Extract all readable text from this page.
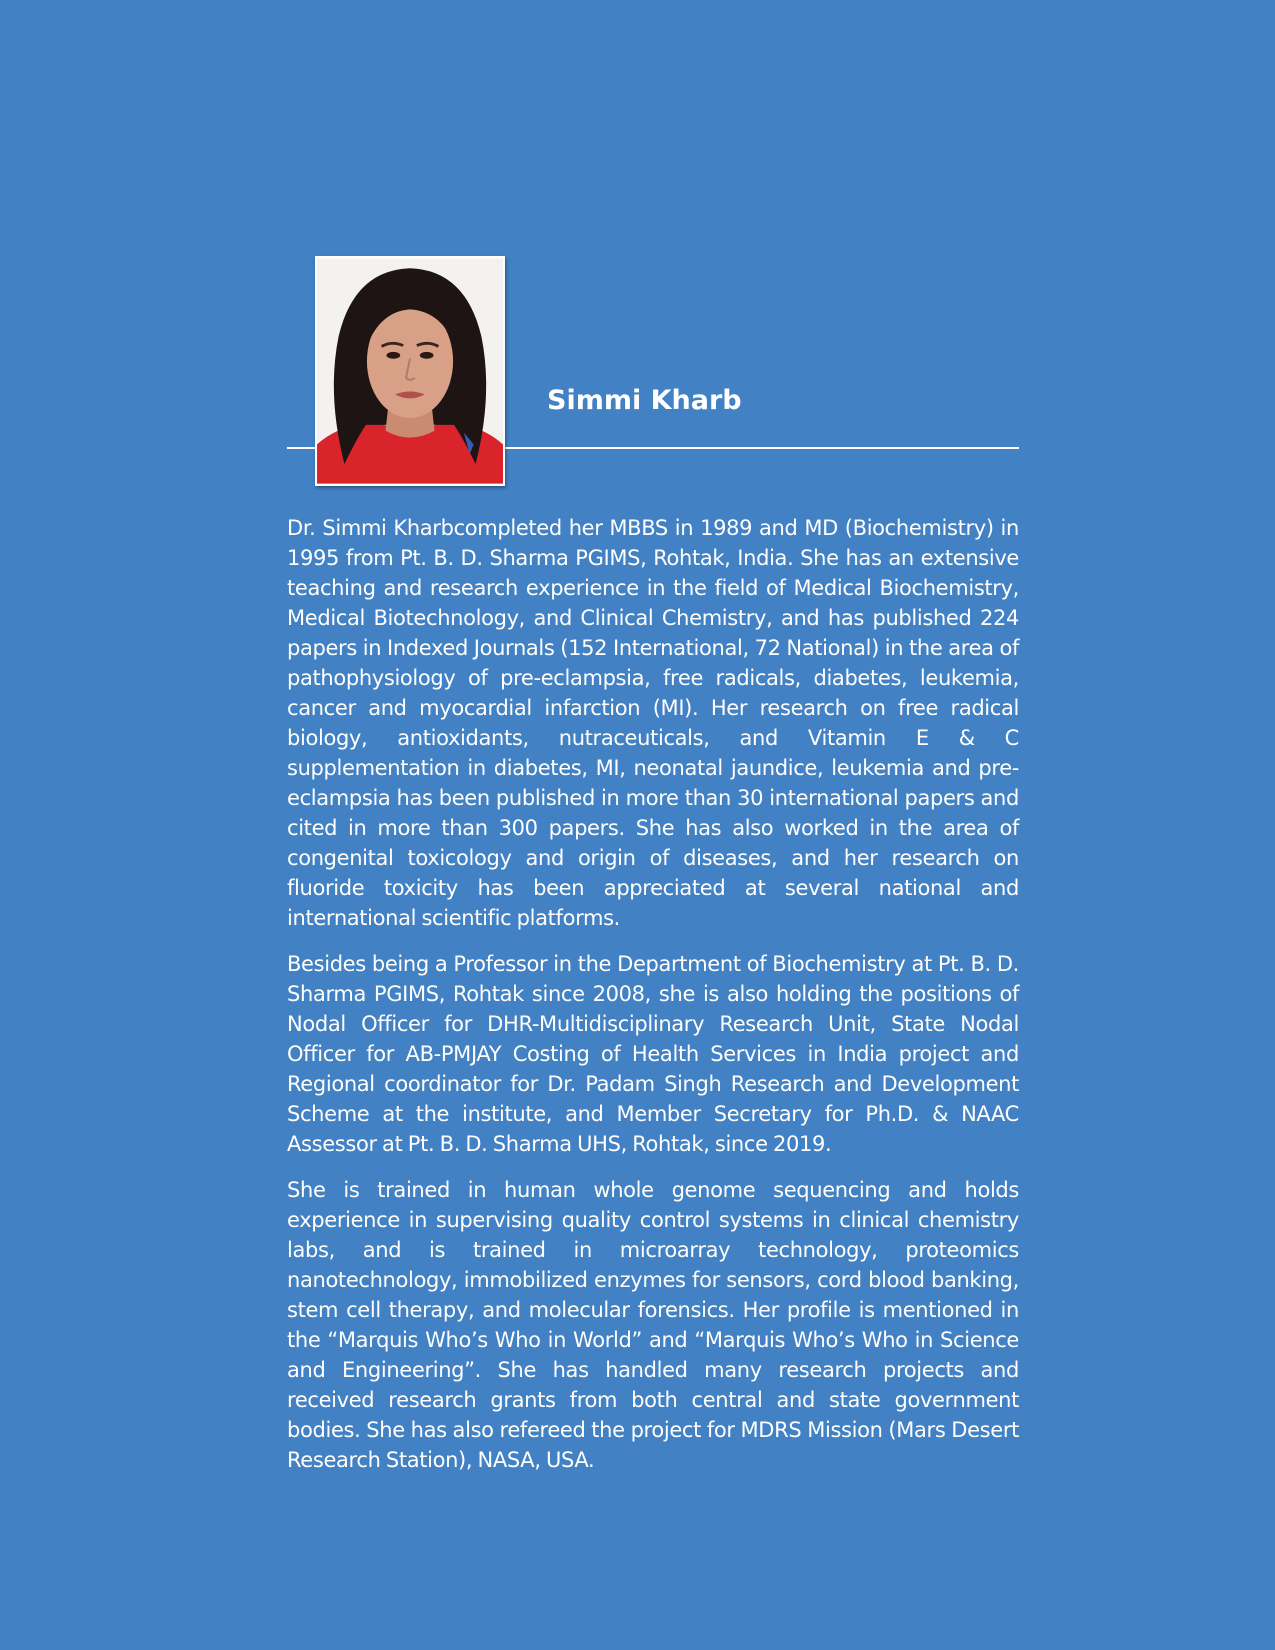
Simmi Kharb

Dr. Simmi Kharbcompleted her MBBS in 1989 and MD (Biochemistry) in 1995 from Pt. B. D. Sharma PGIMS, Rohtak, India. She has an extensive teaching and research experience in the field of Medical Biochemistry, Medical Biotechnology, and Clinical Chemistry, and has published 224 papers in Indexed Journals (152 International, 72 National) in the area of pathophysiology of pre-eclampsia, free radicals, diabetes, leukemia, cancer and myocardial infarction (MI). Her research on free radical biology, antioxidants, nutraceuticals, and Vitamin E & C supplementation in diabetes, MI, neonatal jaundice, leukemia and pre-eclampsia has been published in more than 30 international papers and cited in more than 300 papers. She has also worked in the area of congenital toxicology and origin of diseases, and her research on fluoride toxicity has been appreciated at several national and international scientific platforms.

Besides being a Professor in the Department of Biochemistry at Pt. B. D. Sharma PGIMS, Rohtak since 2008, she is also holding the positions of Nodal Officer for DHR-Multidisciplinary Research Unit, State Nodal Officer for AB-PMJAY Costing of Health Services in India project and Regional coordinator for Dr. Padam Singh Research and Development Scheme at the institute, and Member Secretary for Ph.D. & NAAC Assessor at Pt. B. D. Sharma UHS, Rohtak, since 2019.

She is trained in human whole genome sequencing and holds experience in supervising quality control systems in clinical chemistry labs, and is trained in microarray technology, proteomics nanotechnology, immobilized enzymes for sensors, cord blood banking, stem cell therapy, and molecular forensics. Her profile is mentioned in the “Marquis Who’s Who in World” and “Marquis Who’s Who in Science and Engineering”. She has handled many research projects and received research grants from both central and state government bodies. She has also refereed the project for MDRS Mission (Mars Desert Research Station), NASA, USA.
